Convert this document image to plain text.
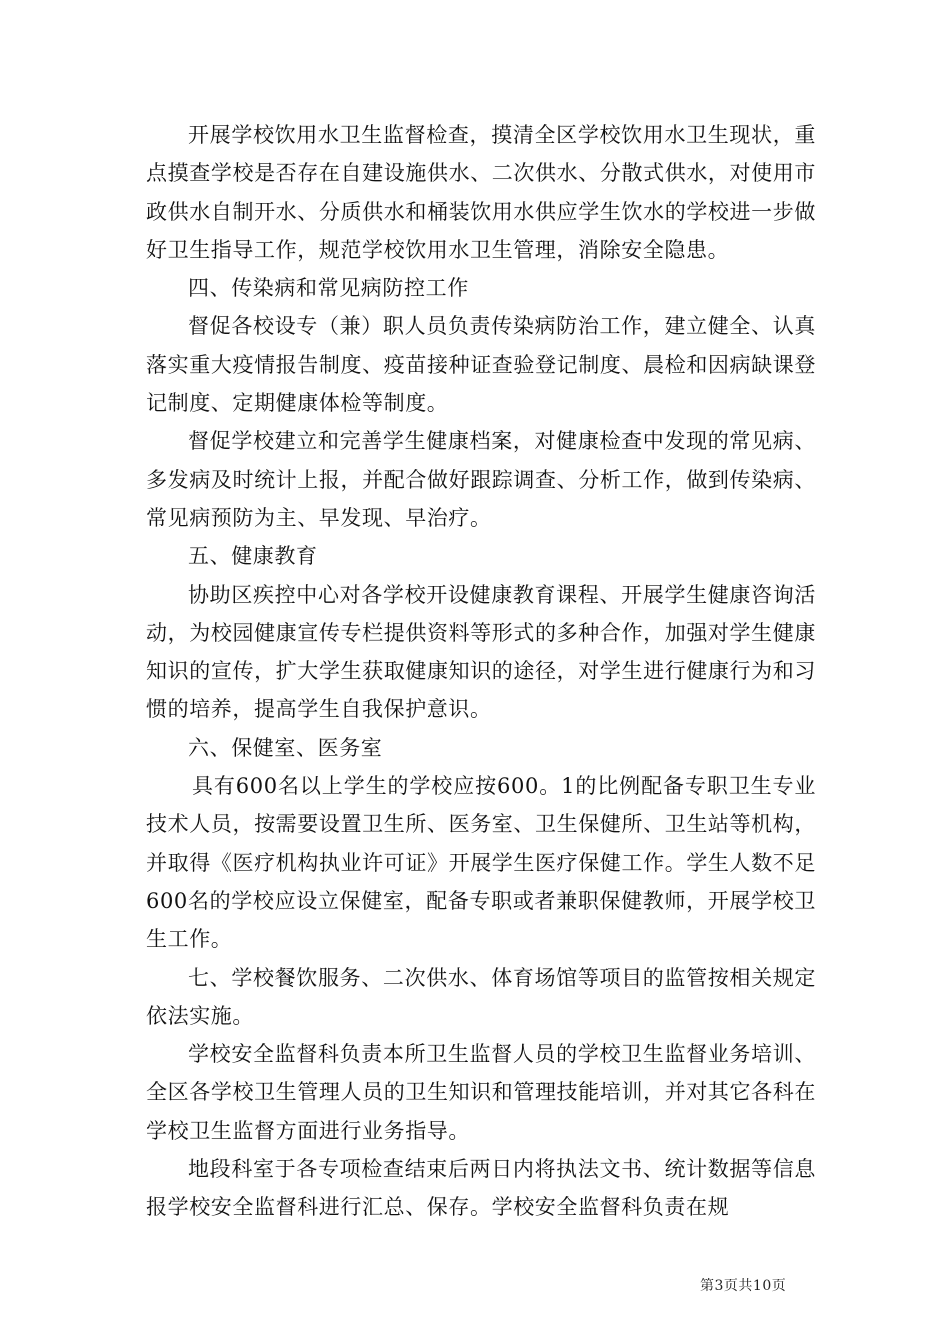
开展学校饮用水卫生监督检查，摸清全区学校饮用水卫生现状，重点摸查学校是否存在自建设施供水、二次供水、分散式供水，对使用市政供水自制开水、分质供水和桶装饮用水供应学生饮水的学校进一步做好卫生指导工作，规范学校饮用水卫生管理，消除安全隐患。

四、传染病和常见病防控工作

督促各校设专（兼）职人员负责传染病防治工作，建立健全、认真落实重大疫情报告制度、疫苗接种证查验登记制度、晨检和因病缺课登记制度、定期健康体检等制度。

督促学校建立和完善学生健康档案，对健康检查中发现的常见病、多发病及时统计上报，并配合做好跟踪调查、分析工作，做到传染病、常见病预防为主、早发现、早治疗。

五、健康教育

协助区疾控中心对各学校开设健康教育课程、开展学生健康咨询活动，为校园健康宣传专栏提供资料等形式的多种合作，加强对学生健康知识的宣传，扩大学生获取健康知识的途径，对学生进行健康行为和习惯的培养，提高学生自我保护意识。

六、保健室、医务室

具有600名以上学生的学校应按600。1的比例配备专职卫生专业技术人员，按需要设置卫生所、医务室、卫生保健所、卫生站等机构，并取得《医疗机构执业许可证》开展学生医疗保健工作。学生人数不足600名的学校应设立保健室，配备专职或者兼职保健教师，开展学校卫生工作。

七、学校餐饮服务、二次供水、体育场馆等项目的监管按相关规定依法实施。

学校安全监督科负责本所卫生监督人员的学校卫生监督业务培训、全区各学校卫生管理人员的卫生知识和管理技能培训，并对其它各科在学校卫生监督方面进行业务指导。

地段科室于各专项检查结束后两日内将执法文书、统计数据等信息报学校安全监督科进行汇总、保存。学校安全监督科负责在规

第3页共10页
